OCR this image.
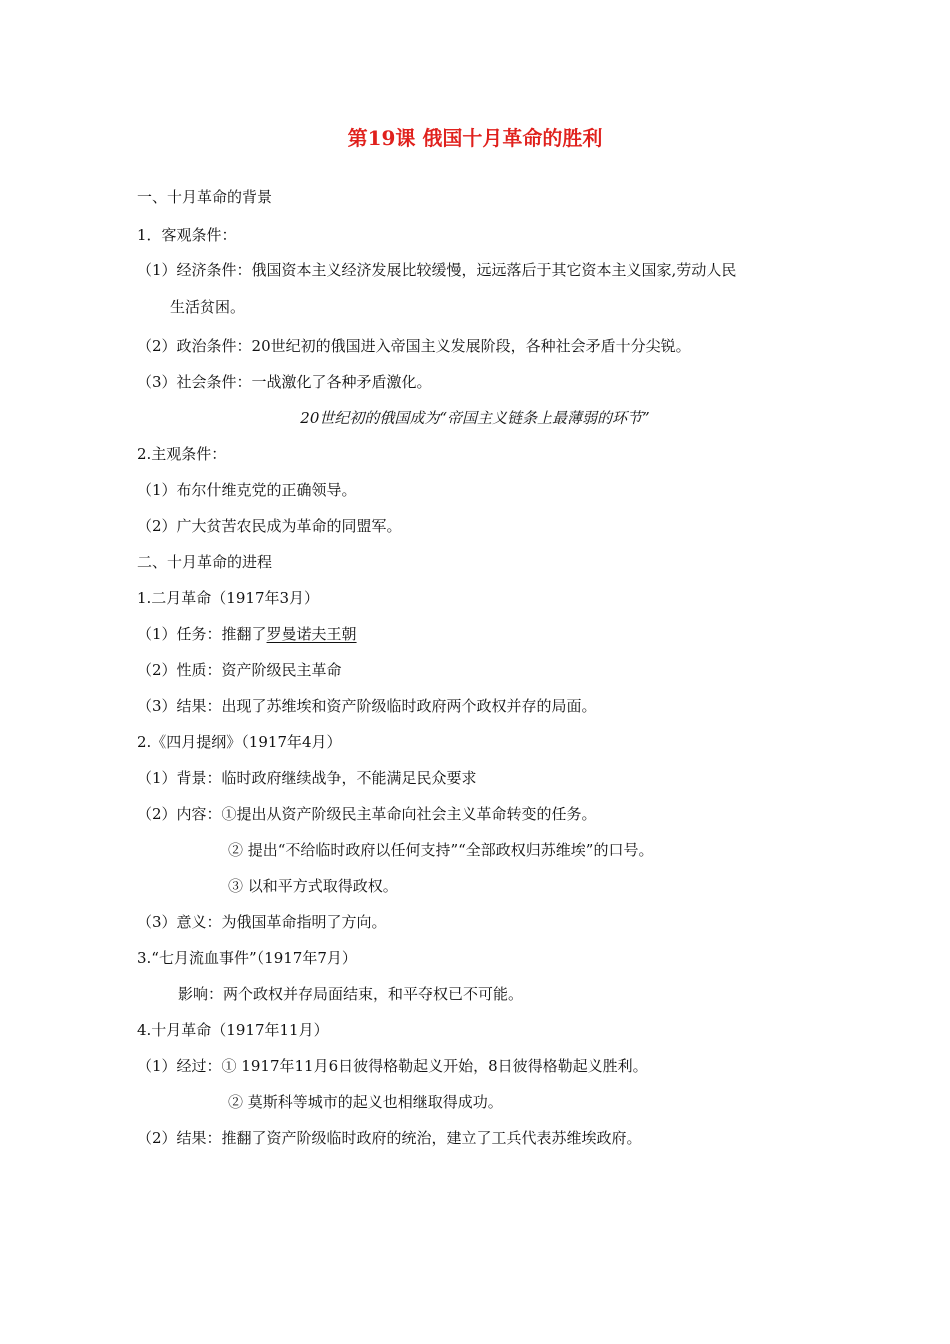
第19课 俄国十月革命的胜利
一、十月革命的背景
1．客观条件：
（1）经济条件：俄国资本主义经济发展比较缓慢，远远落后于其它资本主义国家,劳动人民
生活贫困。
（2）政治条件：20世纪初的俄国进入帝国主义发展阶段，各种社会矛盾十分尖锐。
（3）社会条件：一战激化了各种矛盾激化。
20世纪初的俄国成为“帝国主义链条上最薄弱的环节”
2.主观条件：
（1）布尔什维克党的正确领导。
（2）广大贫苦农民成为革命的同盟军。
二、十月革命的进程
1.二月革命（1917年3月）
（1）任务：推翻了罗曼诺夫王朝
（2）性质：资产阶级民主革命
（3）结果：出现了苏维埃和资产阶级临时政府两个政权并存的局面。
2.《四月提纲》（1917年4月）
（1）背景：临时政府继续战争，不能满足民众要求
（2）内容：①提出从资产阶级民主革命向社会主义革命转变的任务。
② 提出“不给临时政府以任何支持”“全部政权归苏维埃”的口号。
③ 以和平方式取得政权。
（3）意义：为俄国革命指明了方向。
3.“七月流血事件”（1917年7月）
影响：两个政权并存局面结束，和平夺权已不可能。
4.十月革命（1917年11月）
（1）经过：① 1917年11月6日彼得格勒起义开始，8日彼得格勒起义胜利。
② 莫斯科等城市的起义也相继取得成功。
（2）结果：推翻了资产阶级临时政府的统治，建立了工兵代表苏维埃政府。
